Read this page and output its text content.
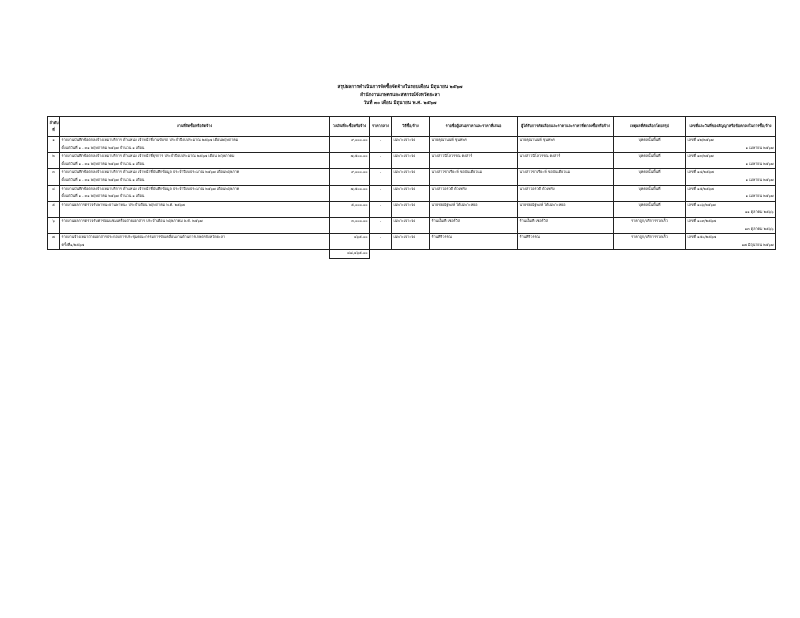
สรุปผลการดำเนินการจัดซื้อจัดจ้างในรอบเดือน มิถุนายน ๒๕๖๗
สำนักงานเกษตรและสหกรณ์จังหวัดยะลา
วันที่ ๓๐ เดือน มิถุนายน พ.ศ. ๒๕๖๗
ลำดับที่	งานที่จัดซื้อหรือจัดจ้าง	วงเงินที่จะซื้อหรือจ้าง	ราคากลาง	วิธีซื้อ/จ้าง	รายชื่อผู้เสนอราคาและราคาที่เสนอ	ผู้ได้รับการคัดเลือกและราคาและราคาที่ตกลงซื้อหรือจ้าง	เหตุผลที่คัดเลือกโดยสรุป	เลขที่และวันที่ของสัญญาหรือข้อตกลงในการซื้อ/จ้าง
๑	รายงานบันทึกข้อตกลงจ้างเหมาบริการ ตำแหน่ง เจ้าหน้าที่งานขับรถ ประจำปีงบประมาณ ๒๕๖๗ เดือนพฤษภาคม	๙,๐๐๐.๐๐	-	เฉพาะเจาะจง	นายคุณานนท์ ขุนทพร	นายคุณานนท์ ขุนทพร	บุคคลนั้นพื้นที่	เลขที่ ๑๒/๒๕๖๗
	ตั้งแต่วันที่ ๑ - ๓๑ พฤษภาคม ๒๕๖๗ จำนวน ๑ เดือน							๑ เมษายน ๒๕๖๗
๒	รายงานบันทึกข้อตกลงจ้างเหมาบริการ ตำแหน่ง เจ้าหน้าที่ธุรการ ประจำปีงบประมาณ ๒๕๖๗ เดือน พฤษภาคม	๗,๕๐๐.๐๐	-	เฉพาะเจาะจง	นางสาวนีโลวรรณ คงสาร์	นางสาวนีโลวรรณ คงสาร์	บุคคลนั้นพื้นที่	เลขที่ ๑๓/๒๕๖๗
	ตั้งแต่วันที่ ๑ - ๓๑ พฤษภาคม ๒๕๖๗ จำนวน ๑ เดือน							๑ เมษายน ๒๕๖๗
๓	รายงานบันทึกข้อตกลงจ้างเหมาบริการ ตำแหน่ง เจ้าหน้าที่บันทึกข้อมูล ประจำปีงบประมาณ ๒๕๖๗ เดือนพฤษภาค	๙,๐๐๐.๐๐	-	เฉพาะเจาะจง	นางสาวซาเรียะห์ ขอบันเดียวแม	นางสาวซาเรียะห์ ขอบันเดียวแม	บุคคลนั้นพื้นที่	เลขที่ ๑๔/๒๕๖๗
	ตั้งแต่วันที่ ๑ - ๓๑ พฤษภาคม ๒๕๖๗ จำนวน ๑ เดือน							๑ เมษายน ๒๕๖๗
๔	รายงานบันทึกข้อตกลงจ้างเหมาบริการ ตำแหน่ง เจ้าหน้าที่บันทึกข้อมูล ประจำปีงบประมาณ ๒๕๖๗ เดือนพฤษภาค	๗,๕๐๐.๐๐	-	เฉพาะเจาะจง	นางสาวอรวดี ด้วงทรัง	นางสาวอรวดี ด้วงทรัง	บุคคลนั้นพื้นที่	เลขที่ ๑๕/๒๕๖๗
	ตั้งแต่วันที่ ๑ - ๓๑ พฤษภาคม ๒๕๖๗ จำนวน ๑ เดือน							๑ เมษายน ๒๕๖๗
๕	รายงานผลการตรวจรับพาหนะยานพาหนะ ประจำเดือน พฤษภาคม พ.ศ. ๒๕๖๗	๕,๐๐๐.๐๐	-	เฉพาะเจาะจง	นายชยณัฐพงษ์ ได้เฉพาะหยอ	นายชยณัฐพงษ์ ได้เฉพาะหยอ	บุคคลนั้นพื้นที่	เลขที่ ๑๐๖/๒๕๖๗
								๑๑ ตุลาคม ๒๕๖๖
๖	รายงานผลการตรวจรับค่าซ่อมแซมเครื่องถ่ายเอกสาร ประจำเดือน พฤษภาคม พ.ศ. ๒๕๖๗	๓,๐๐๐.๐๐	-	เฉพาะเจาะจง	ร้านเอ็มที เซอร์วิส	ร้านเอ็มที เซอร์วิส	ราคาถูก/บริการรวดเร็ว	เลขที่ ๑๐๙/๒๕๖๗
								๑๓ ตุลาคม ๒๕๖๖
๗	รายงานจ้างเหมาถ่ายเอกสารประกอบการประชุมคณะกรรมการขับเคลื่อนงานด้านการเกษตรจังหวัดยะลา	๔๖๕.๐๐	-	เฉพาะเจาะจง	ร้านศิริวรรณ	ร้านศิริวรรณ	ราคาถูก/บริการรวดเร็ว	เลขที่ ๑๕๐/๒๕๖๗
	ครั้งที่๑/๒๕๖๗							๑๗ มิถุนายน ๒๕๖๗
		๔๘,๔๖๕.๐๐						
